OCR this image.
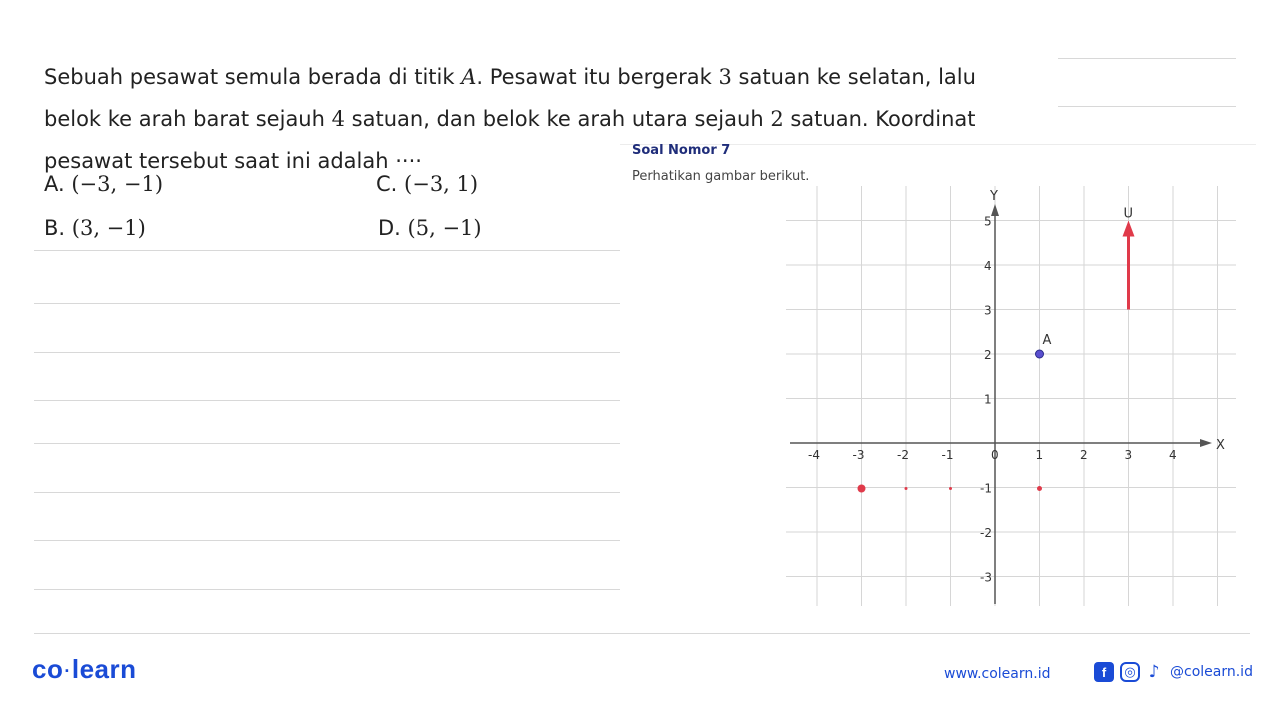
Sebuah pesawat semula berada di titik A. Pesawat itu bergerak 3 satuan ke selatan, lalu
belok ke arah barat sejauh 4 satuan, dan belok ke arah utara sejauh 2 satuan. Koordinat
pesawat tersebut saat ini adalah ····
A. (−3, −1)	C. (−3, 1)
B. (3, −1)	D. (5, −1)
Soal Nomor 7
Perhatikan gambar berikut.
X
Y
-4	-3	-2	-1	0	1	2	3	4
5
4
3
2
1
-1
-2
-3
A
U
co·learn	www.colearn.id	f	◎ ♪ @colearn.id
